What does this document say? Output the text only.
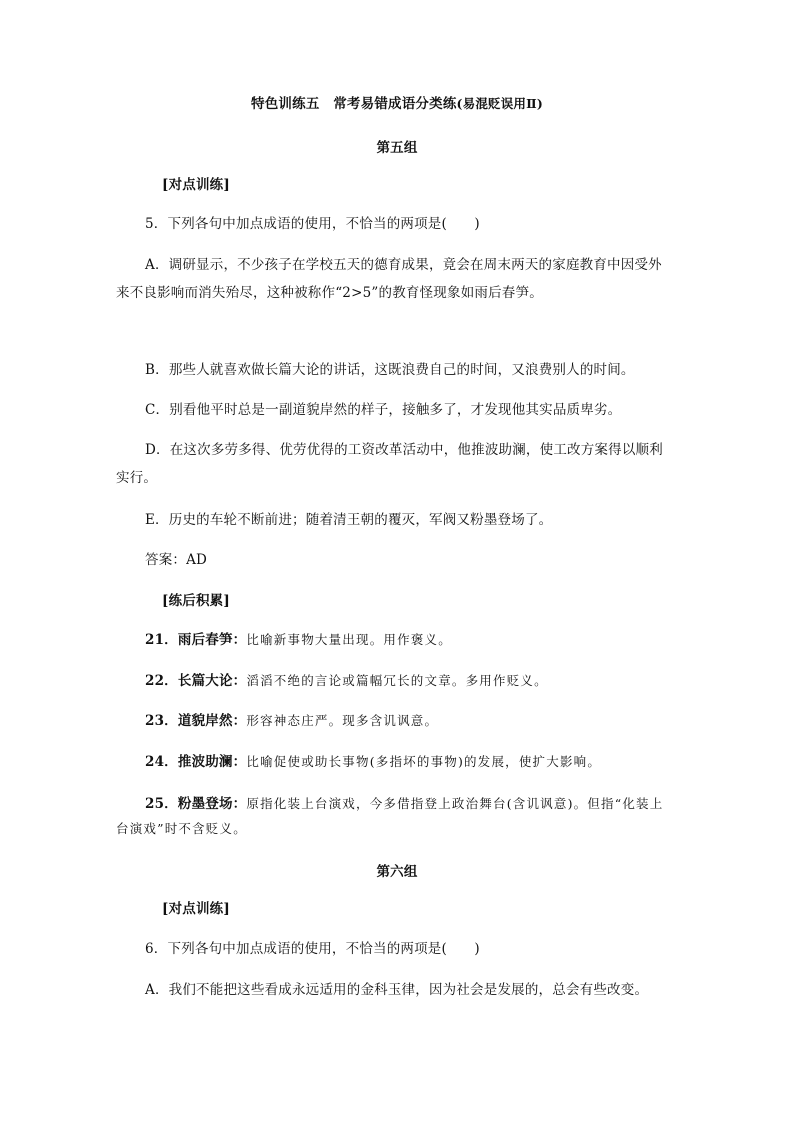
特色训练五　常考易错成语分类练(易混贬误用Ⅱ)
第五组
[对点训练]
5．下列各句中加点成语的使用，不恰当的两项是(　　)
A．调研显示，不少孩子在学校五天的德育成果，竟会在周末两天的家庭教育中因受外
来不良影响而消失殆尽，这种被称作“2>5”的教育怪现象如雨后春笋。
B．那些人就喜欢做长篇大论的讲话，这既浪费自己的时间，又浪费别人的时间。
C．别看他平时总是一副道貌岸然的样子，接触多了，才发现他其实品质卑劣。
D．在这次多劳多得、优劳优得的工资改革活动中，他推波助澜，使工改方案得以顺利
实行。
E．历史的车轮不断前进；随着清王朝的覆灭，军阀又粉墨登场了。
答案：AD
[练后积累]
21．雨后春笋：比喻新事物大量出现。用作褒义。
22．长篇大论：滔滔不绝的言论或篇幅冗长的文章。多用作贬义。
23．道貌岸然：形容神态庄严。现多含讥讽意。
24．推波助澜：比喻促使或助长事物(多指坏的事物)的发展，使扩大影响。
25．粉墨登场：原指化装上台演戏，今多借指登上政治舞台(含讥讽意)。但指“化装上
台演戏”时不含贬义。
第六组
[对点训练]
6．下列各句中加点成语的使用，不恰当的两项是(　　)
A．我们不能把这些看成永远适用的金科玉律，因为社会是发展的，总会有些改变。
